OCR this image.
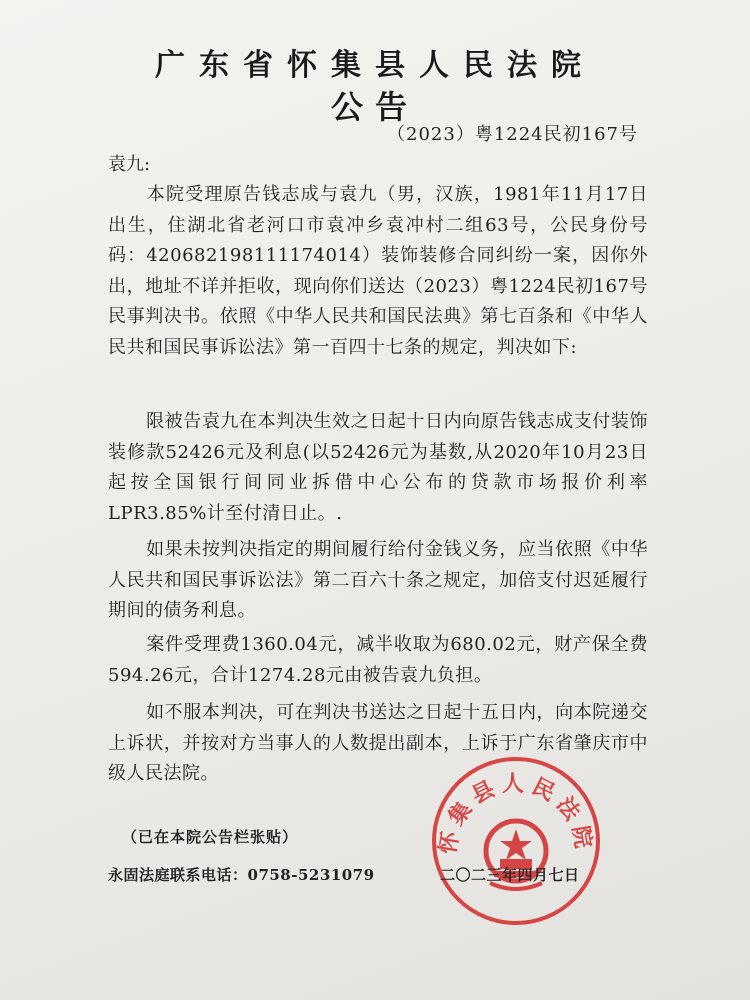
广东省怀集县人民法院
公告
（2023）粤1224民初167号
袁九:
本院受理原告钱志成与袁九（男，汉族，1981年11月17日出生，住湖北省老河口市袁冲乡袁冲村二组63号，公民身份号码：420682198111174014）装饰装修合同纠纷一案，因你外出，地址不详并拒收，现向你们送达（2023）粤1224民初167号民事判决书。依照《中华人民共和国民法典》第七百条和《中华人民共和国民事诉讼法》第一百四十七条的规定，判决如下:
限被告袁九在本判决生效之日起十日内向原告钱志成支付装饰装修款52426元及利息(以52426元为基数,从2020年10月23日起按全国银行间同业拆借中心公布的贷款市场报价利率LPR3.85%计至付清日止。.
如果未按判决指定的期间履行给付金钱义务，应当依照《中华人民共和国民事诉讼法》第二百六十条之规定，加倍支付迟延履行期间的债务利息。
案件受理费1360.04元，减半收取为680.02元，财产保全费594.26元，合计1274.28元由被告袁九负担。
如不服本判决，可在判决书送达之日起十五日内，向本院递交上诉状，并按对方当事人的人数提出副本，上诉于广东省肇庆市中级人民法院。
怀集县人民法院
（已在本院公告栏张贴）
永固法庭联系电话：0758-5231079	二〇二三年四月七日
